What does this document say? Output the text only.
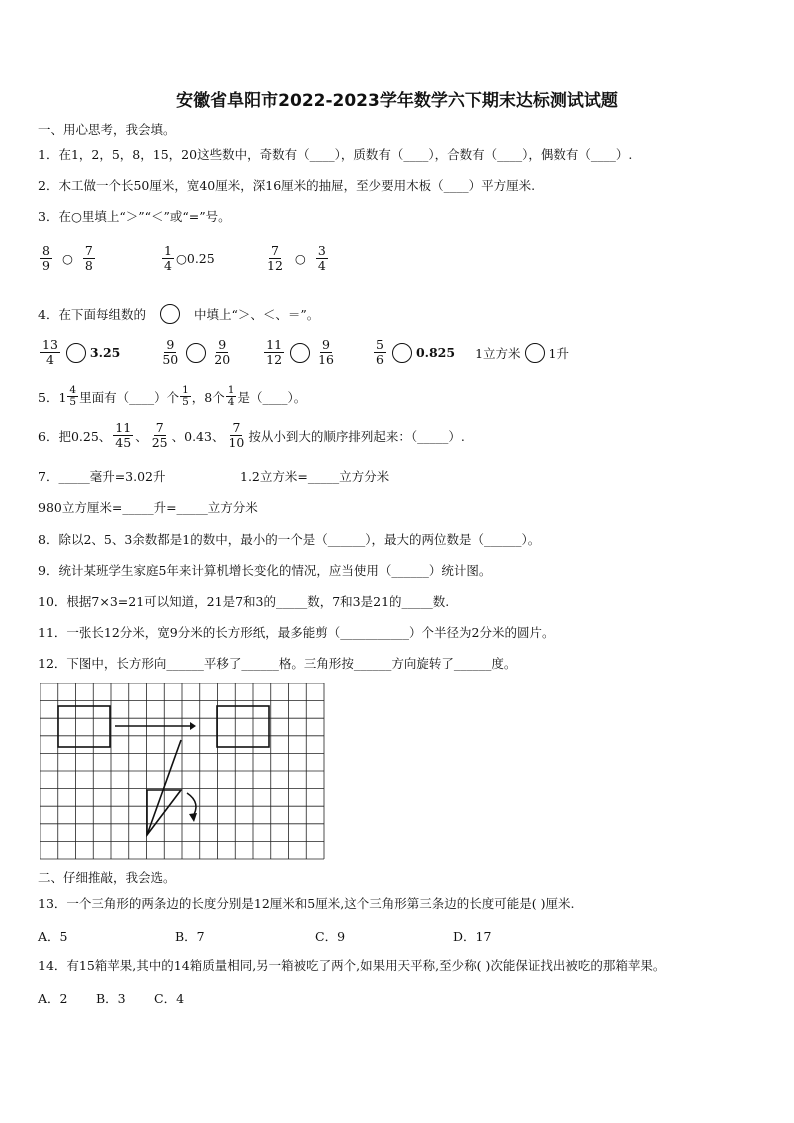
安徽省阜阳市2022-2023学年数学六下期末达标测试试题
一、用心思考，我会填。
1．在1，2，5，8，15，20这些数中，奇数有（____），质数有（____），合数有（____），偶数有（____）.
2．木工做一个长50厘米，宽40厘米，深16厘米的抽屉，至少要用木板（____）平方厘米.
3．在○里填上“＞”“＜”或“=”号。
$\frac{8}{9}$ ○ $\frac{7}{8}$	$\frac{1}{4}$ ○ 0.25	$\frac{7}{12}$ ○ $\frac{3}{4}$
4．在下面每组数的	中填上“＞、＜、＝”。
$\frac{13}{4} 3.25$	$\frac{9}{50}$	$\frac{9}{20}$	$\frac{11}{12}$	$\frac{9}{16}$	$\frac{5}{6} 0.825$ 1立方米 1升
5．$1 \frac{4}{5}$ 里面有（____）个 $\frac{1}{5}$ ，8个 $\frac{1}{4}$ 是（____）。
6．把0.25、 $\frac{11}{45}$ 、 $\frac{7}{25}$ 、0.43、 $\frac{7}{10}$ 按从小到大的顺序排列起来：（_____）.
7．_____毫升=3.02升	1.2立方米=_____立方分米
980立方厘米=_____升=_____立方分米
8．除以2、5、3余数都是1的数中，最小的一个是（______），最大的两位数是（______）。
9．统计某班学生家庭5年来计算机增长变化的情况，应当使用（______）统计图。
10．根据7×3=21可以知道，21是7和3的_____数，7和3是21的_____数.
11．一张长12分米，宽9分米的长方形纸，最多能剪（___________）个半径为2分米的圆片。
12．下图中，长方形向______平移了______格。三角形按______方向旋转了______度。
二、仔细推敲，我会选。
13．一个三角形的两条边的长度分别是12厘米和5厘米,这个三角形第三条边的长度可能是( )厘米.
A．5	B．7	C．9	D．17
14．有15箱苹果,其中的14箱质量相同,另一箱被吃了两个,如果用天平称,至少称( )次能保证找出被吃的那箱苹果。
A．2	B．3	C．4
